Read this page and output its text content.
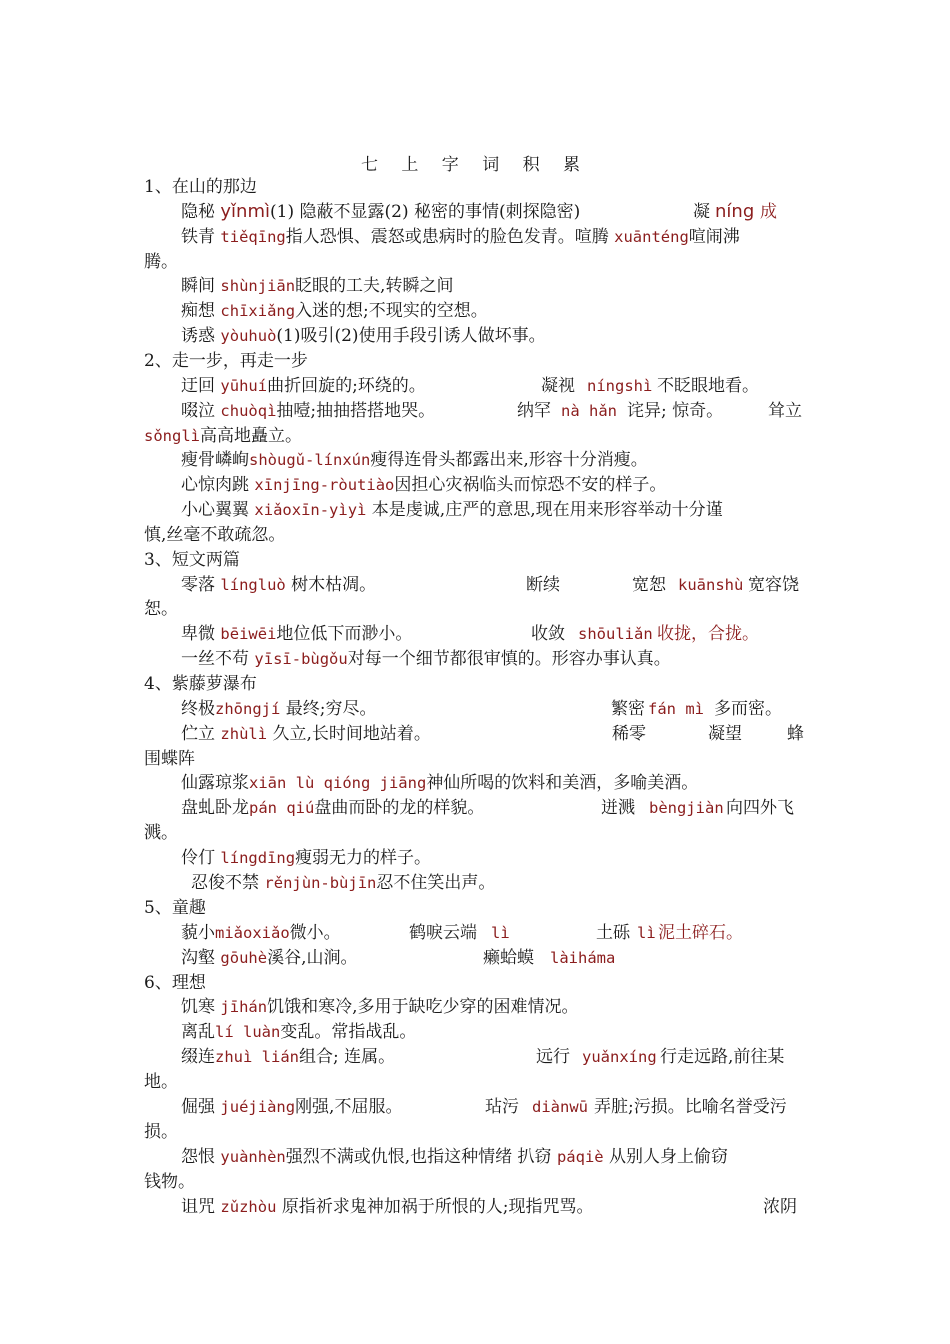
七 上 字 词 积 累
1、在山的那边
隐秘 yǐnmì(1) 隐蔽不显露(2) 秘密的事情(刺探隐密)	凝 níng 成
铁青 tiěqīng指人恐惧、震怒或患病时的脸色发青。喧腾 xuānténg喧闹沸
腾。
瞬间 shùnjiān眨眼的工夫,转瞬之间
痴想 chīxiǎng入迷的想;不现实的空想。
诱惑 yòuhuò(1)吸引(2)使用手段引诱人做坏事。
2、走一步，再走一步
迂回 yūhuí曲折回旋的;环绕的。	凝视 níngshì 不眨眼地看。
啜泣 chuòqì抽噎;抽抽搭搭地哭。	纳罕 nà hǎn 诧异; 惊奇。	耸立
sǒnglì高高地矗立。
瘦骨嶙峋shòugǔ-línxún瘦得连骨头都露出来,形容十分消瘦。
心惊肉跳 xīnjīng-ròutiào因担心灾祸临头而惊恐不安的样子。
小心翼翼 xiǎoxīn-yìyì 本是虔诚,庄严的意思,现在用来形容举动十分谨
慎,丝毫不敢疏忽。
3、短文两篇
零落 língluò 树木枯凋。	断续	宽恕 kuānshù 宽容饶
恕。
卑微 bēiwēi地位低下而渺小。	收敛 shōuliǎn 收拢，合拢。
一丝不苟 yīsī-bùgǒu对每一个细节都很审慎的。形容办事认真。
4、紫藤萝瀑布
终极zhōngjí 最终;穷尽。	繁密 fán mì 多而密。
伫立 zhùlì 久立,长时间地站着。	稀零	凝望	蜂
围蝶阵
仙露琼浆xiān lù qióng jiāng神仙所喝的饮料和美酒，多喻美酒。
盘虬卧龙pán qiú盘曲而卧的龙的样貌。	迸溅 bèngjiàn 向四外飞
溅。
伶仃 língdīng瘦弱无力的样子。
忍俊不禁 rěnjùn-bùjīn忍不住笑出声。
5、童趣
藐小miǎoxiǎo微小。	鹤唳云端 lì	土砾 lì 泥土碎石。
沟壑 gōuhè溪谷,山涧。	癞蛤蟆 làiháma
6、理想
饥寒 jīhán饥饿和寒冷,多用于缺吃少穿的困难情况。
离乱lí luàn变乱。常指战乱。
缀连zhuì lián组合; 连属。	远行 yuǎnxíng 行走远路,前往某
地。
倔强 juéjiàng刚强,不屈服。	玷污 diànwū 弄脏;污损。比喻名誉受污
损。
怨恨 yuànhèn强烈不满或仇恨,也指这种情绪 扒窃 páqiè 从别人身上偷窃
钱物。
诅咒 zǔzhòu 原指祈求鬼神加祸于所恨的人;现指咒骂。	浓阴
